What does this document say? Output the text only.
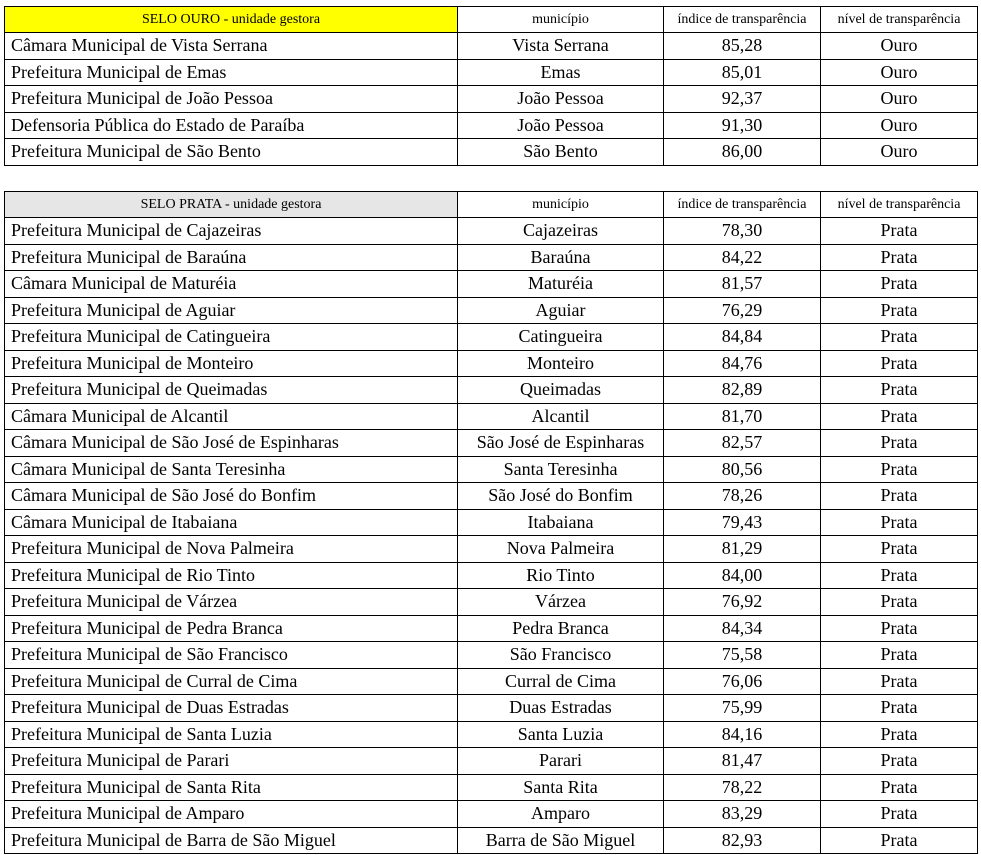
SELO OURO - unidade gestora	município	índice de transparência	nível de transparência
Câmara Municipal de Vista Serrana	Vista Serrana	85,28	Ouro
Prefeitura Municipal de Emas	Emas	85,01	Ouro
Prefeitura Municipal de João Pessoa	João Pessoa	92,37	Ouro
Defensoria Pública do Estado de Paraíba	João Pessoa	91,30	Ouro
Prefeitura Municipal de São Bento	São Bento	86,00	Ouro
SELO PRATA - unidade gestora	município	índice de transparência	nível de transparência
Prefeitura Municipal de Cajazeiras	Cajazeiras	78,30	Prata
Prefeitura Municipal de Baraúna	Baraúna	84,22	Prata
Câmara Municipal de Maturéia	Maturéia	81,57	Prata
Prefeitura Municipal de Aguiar	Aguiar	76,29	Prata
Prefeitura Municipal de Catingueira	Catingueira	84,84	Prata
Prefeitura Municipal de Monteiro	Monteiro	84,76	Prata
Prefeitura Municipal de Queimadas	Queimadas	82,89	Prata
Câmara Municipal de Alcantil	Alcantil	81,70	Prata
Câmara Municipal de São José de Espinharas	São José de Espinharas	82,57	Prata
Câmara Municipal de Santa Teresinha	Santa Teresinha	80,56	Prata
Câmara Municipal de São José do Bonfim	São José do Bonfim	78,26	Prata
Câmara Municipal de Itabaiana	Itabaiana	79,43	Prata
Prefeitura Municipal de Nova Palmeira	Nova Palmeira	81,29	Prata
Prefeitura Municipal de Rio Tinto	Rio Tinto	84,00	Prata
Prefeitura Municipal de Várzea	Várzea	76,92	Prata
Prefeitura Municipal de Pedra Branca	Pedra Branca	84,34	Prata
Prefeitura Municipal de São Francisco	São Francisco	75,58	Prata
Prefeitura Municipal de Curral de Cima	Curral de Cima	76,06	Prata
Prefeitura Municipal de Duas Estradas	Duas Estradas	75,99	Prata
Prefeitura Municipal de Santa Luzia	Santa Luzia	84,16	Prata
Prefeitura Municipal de Parari	Parari	81,47	Prata
Prefeitura Municipal de Santa Rita	Santa Rita	78,22	Prata
Prefeitura Municipal de Amparo	Amparo	83,29	Prata
Prefeitura Municipal de Barra de São Miguel	Barra de São Miguel	82,93	Prata
